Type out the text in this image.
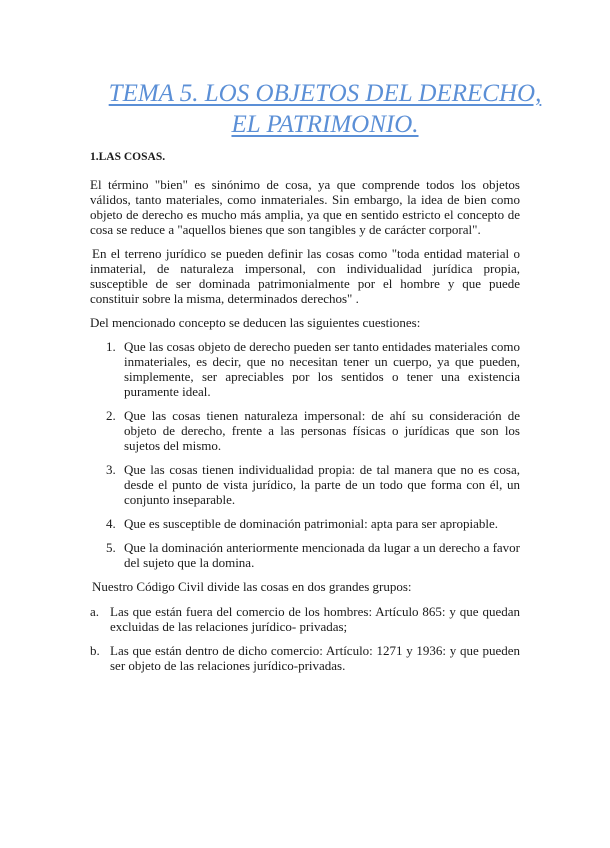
TEMA 5. LOS OBJETOS DEL DERECHO,
EL PATRIMONIO.
1.LAS COSAS.

El término "bien" es sinónimo de cosa, ya que comprende todos los objetos válidos, tanto materiales, como inmateriales. Sin embargo, la idea de bien como objeto de derecho es mucho más amplia, ya que en sentido estricto el concepto de cosa se reduce a "aquellos bienes que son tangibles y de carácter corporal".

En el terreno jurídico se pueden definir las cosas como "toda entidad material o inmaterial, de naturaleza impersonal, con individualidad jurídica propia, susceptible de ser dominada patrimonialmente por el hombre y que puede constituir sobre la misma, determinados derechos" .

Del mencionado concepto se deducen las siguientes cuestiones:

1. Que las cosas objeto de derecho pueden ser tanto entidades materiales como inmateriales, es decir, que no necesitan tener un cuerpo, ya que pueden, simplemente, ser apreciables por los sentidos o tener una existencia puramente ideal.
2. Que las cosas tienen naturaleza impersonal: de ahí su consideración de objeto de derecho, frente a las personas físicas o jurídicas que son los sujetos del mismo.
3. Que las cosas tienen individualidad propia: de tal manera que no es cosa, desde el punto de vista jurídico, la parte de un todo que forma con él, un conjunto inseparable.
4. Que es susceptible de dominación patrimonial: apta para ser apropiable.
5. Que la dominación anteriormente mencionada da lugar a un derecho a favor del sujeto que la domina.

Nuestro Código Civil divide las cosas en dos grandes grupos:

a. Las que están fuera del comercio de los hombres: Artículo 865: y que quedan excluidas de las relaciones jurídico- privadas;
b. Las que están dentro de dicho comercio: Artículo: 1271 y 1936: y que pueden ser objeto de las relaciones jurídico-privadas.
